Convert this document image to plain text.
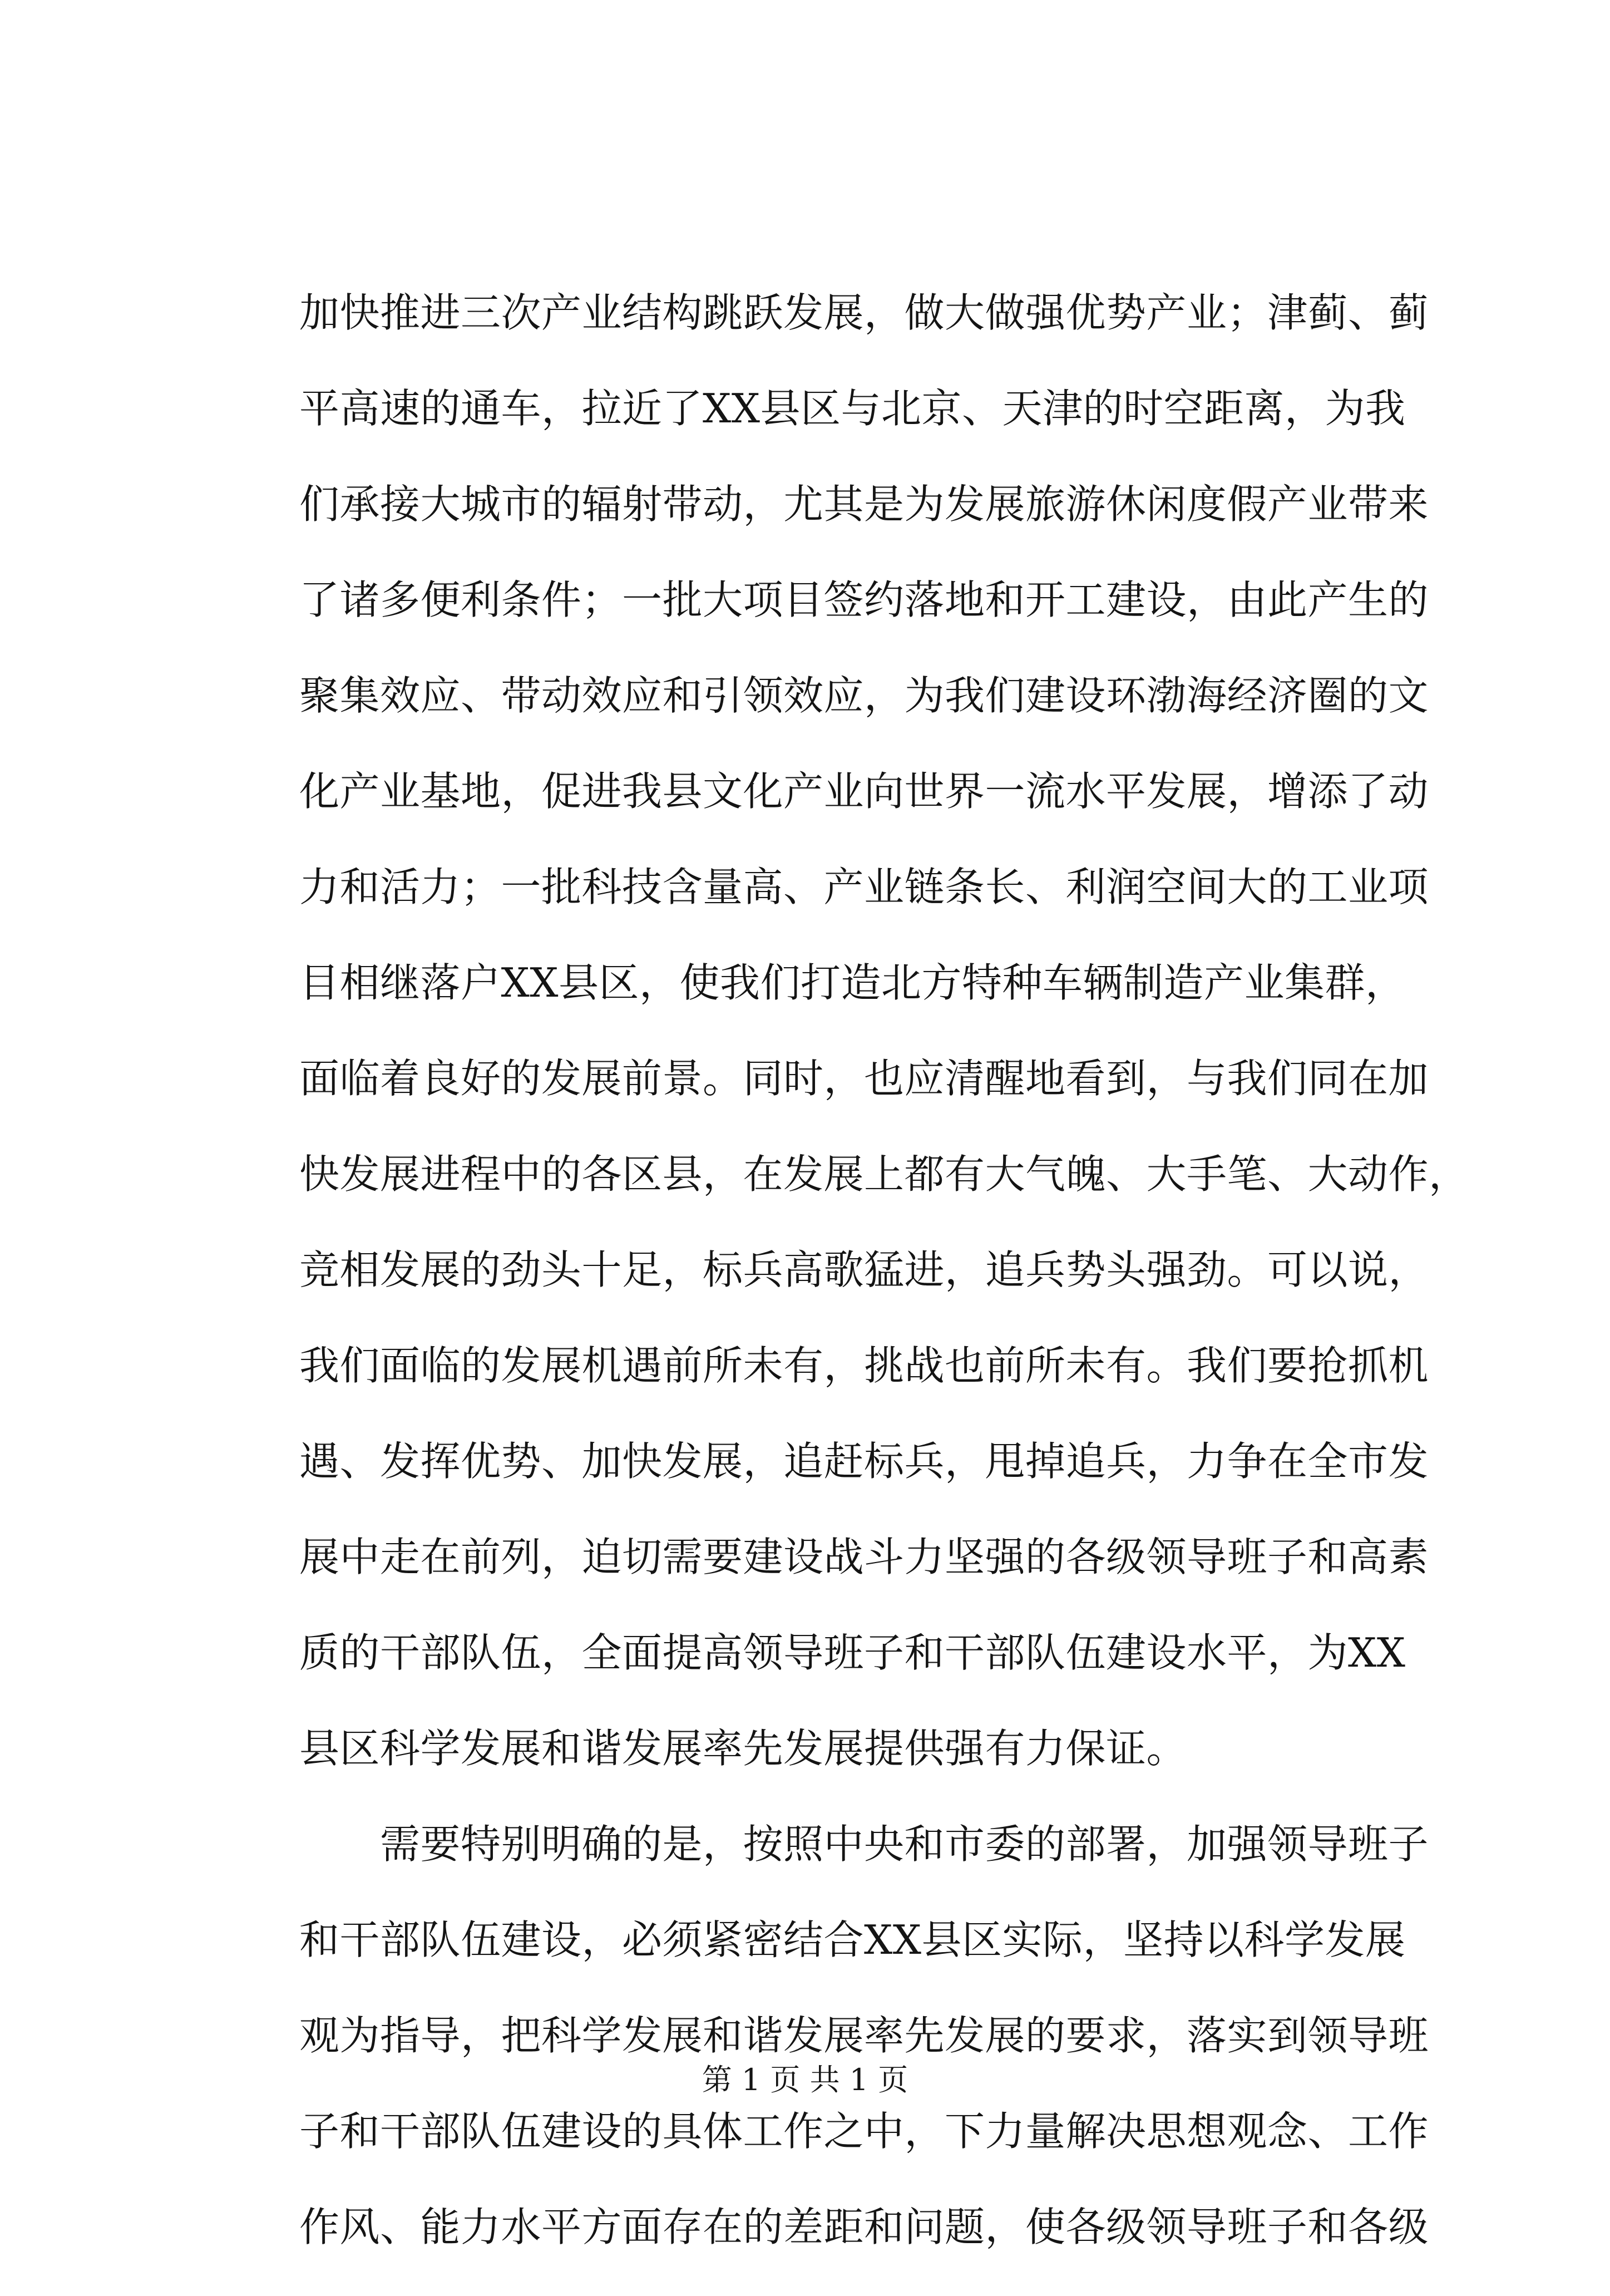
加快推进三次产业结构跳跃发展，做大做强优势产业；津蓟、蓟
平高速的通车，拉近了XX县区与北京、天津的时空距离，为我
们承接大城市的辐射带动，尤其是为发展旅游休闲度假产业带来
了诸多便利条件；一批大项目签约落地和开工建设，由此产生的
聚集效应、带动效应和引领效应，为我们建设环渤海经济圈的文
化产业基地，促进我县文化产业向世界一流水平发展，增添了动
力和活力；一批科技含量高、产业链条长、利润空间大的工业项
目相继落户XX县区，使我们打造北方特种车辆制造产业集群，
面临着良好的发展前景。同时，也应清醒地看到，与我们同在加
快发展进程中的各区县，在发展上都有大气魄、大手笔、大动作，
竞相发展的劲头十足，标兵高歌猛进，追兵势头强劲。可以说，
我们面临的发展机遇前所未有，挑战也前所未有。我们要抢抓机
遇、发挥优势、加快发展，追赶标兵，甩掉追兵，力争在全市发
展中走在前列，迫切需要建设战斗力坚强的各级领导班子和高素
质的干部队伍，全面提高领导班子和干部队伍建设水平，为XX
县区科学发展和谐发展率先发展提供强有力保证。
　　需要特别明确的是，按照中央和市委的部署，加强领导班子
和干部队伍建设，必须紧密结合XX县区实际，坚持以科学发展
观为指导，把科学发展和谐发展率先发展的要求，落实到领导班
子和干部队伍建设的具体工作之中，下力量解决思想观念、工作
作风、能力水平方面存在的差距和问题，使各级领导班子和各级
第 1 页 共 1 页
